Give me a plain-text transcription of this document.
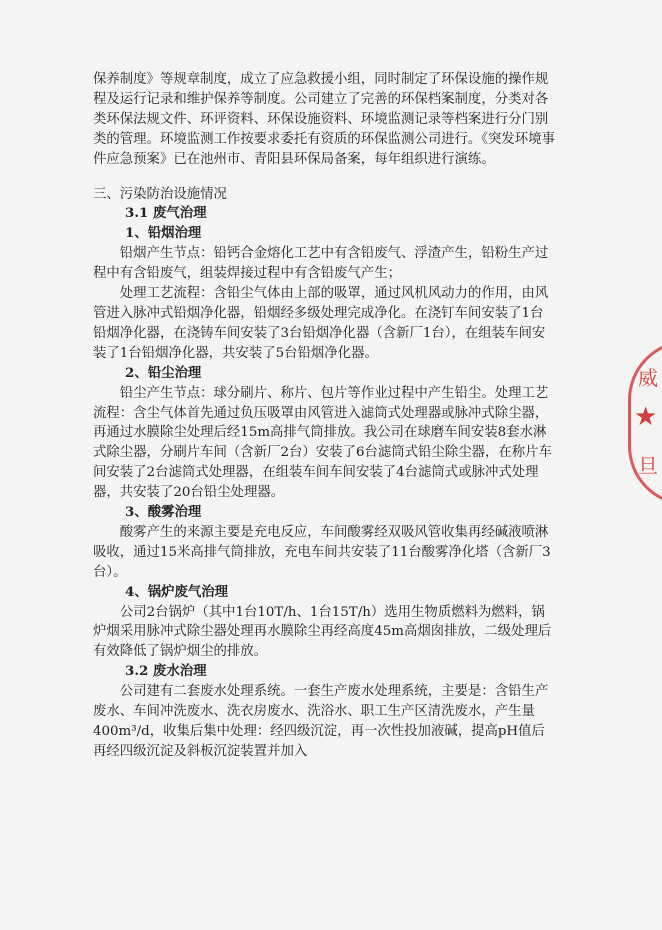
保养制度》等规章制度，成立了应急救援小组，同时制定了环保设施的操作规程及运行记录和维护保养等制度。公司建立了完善的环保档案制度，分类对各类环保法规文件、环评资料、环保设施资料、环境监测记录等档案进行分门别类的管理。环境监测工作按要求委托有资质的环保监测公司进行。《突发环境事件应急预案》已在池州市、青阳县环保局备案，每年组织进行演练。

三、污染防治设施情况

3.1 废气治理

1、铅烟治理

铅烟产生节点：铅钙合金熔化工艺中有含铅废气、浮渣产生，铅粉生产过程中有含铅废气，组装焊接过程中有含铅废气产生；

处理工艺流程：含铅尘气体由上部的吸罩，通过风机风动力的作用，由风管进入脉冲式铅烟净化器，铅烟经多级处理完成净化。在浇钉车间安装了1台铅烟净化器，在浇铸车间安装了3台铅烟净化器（含新厂1台），在组装车间安装了1台铅烟净化器，共安装了5台铅烟净化器。

2、铅尘治理

铅尘产生节点：球分刷片、称片、包片等作业过程中产生铅尘。处理工艺流程：含尘气体首先通过负压吸罩由风管进入滤筒式处理器或脉冲式除尘器，再通过水膜除尘处理后经15m高排气筒排放。我公司在球磨车间安装8套水淋式除尘器，分刷片车间（含新厂2台）安装了6台滤筒式铅尘除尘器，在称片车间安装了2台滤筒式处理器，在组装车间车间安装了4台滤筒式或脉冲式处理器，共安装了20台铅尘处理器。

3、酸雾治理

酸雾产生的来源主要是充电反应，车间酸雾经双吸风管收集再经碱液喷淋吸收，通过15米高排气筒排放，充电车间共安装了11台酸雾净化塔（含新厂3台）。

4、锅炉废气治理

公司2台锅炉（其中1台10T/h、1台15T/h）选用生物质燃料为燃料，锅炉烟采用脉冲式除尘器处理再水膜除尘再经高度45m高烟囱排放，二级处理后有效降低了锅炉烟尘的排放。

3.2 废水治理

公司建有二套废水处理系统。一套生产废水处理系统，主要是：含铅生产废水、车间冲洗废水、洗衣房废水、洗浴水、职工生产区清洗废水，产生量400m³/d，收集后集中处理：经四级沉淀，再一次性投加液碱，提高pH值后再经四级沉淀及斜板沉淀装置并加入

威
★
旦
